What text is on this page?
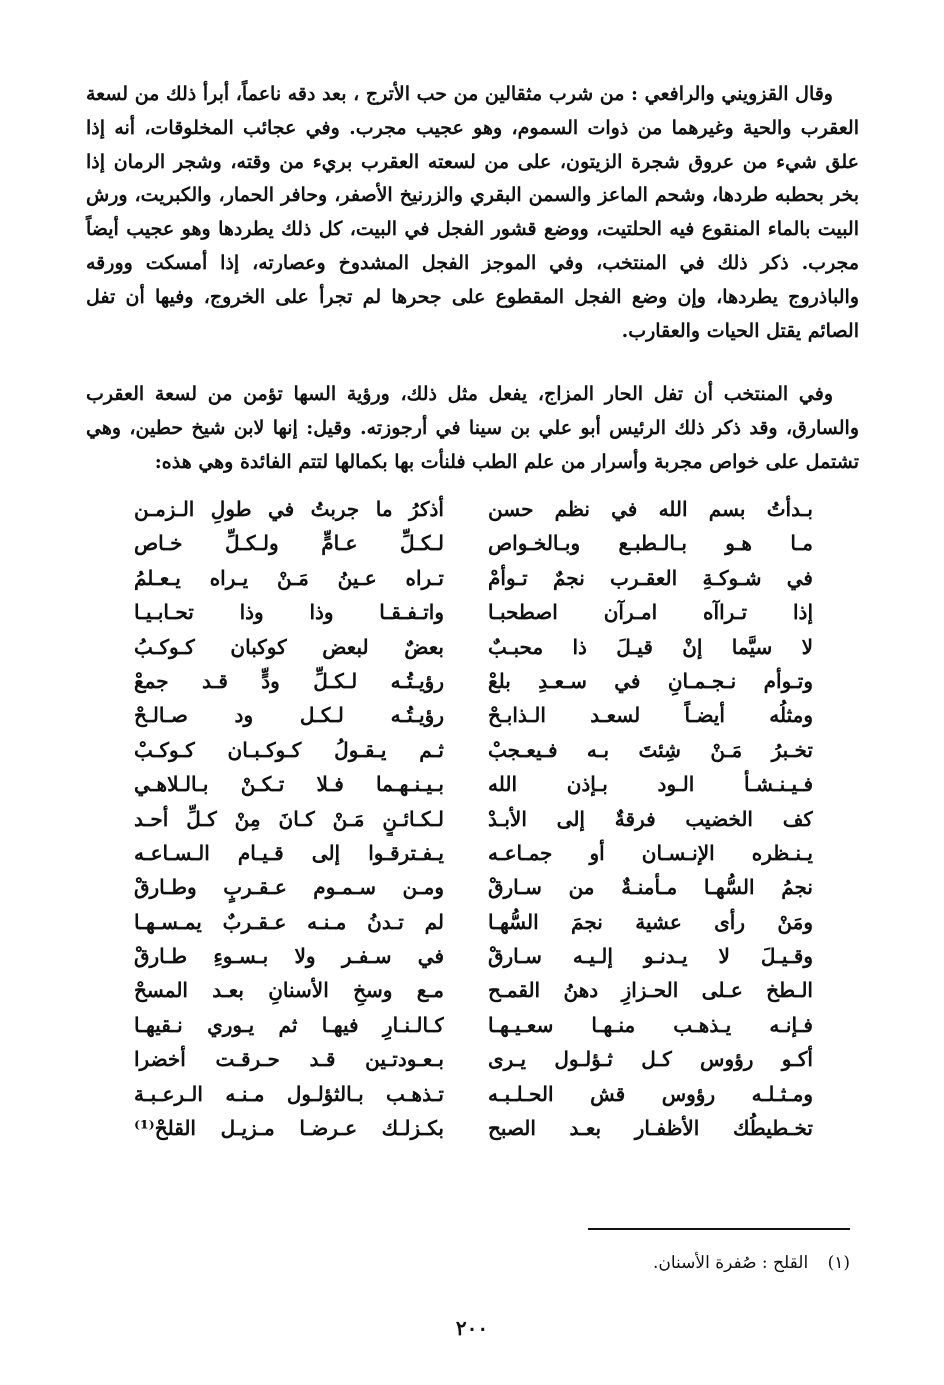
وقال القزويني والرافعي : من شرب مثقالين من حب الأترج ، بعد دقه ناعماً، أبرأ ذلك من لسعة العقرب والحية وغيرهما من ذوات السموم، وهو عجيب مجرب. وفي عجائب المخلوقات، أنه إذا علق شيء من عروق شجرة الزيتون، على من لسعته العقرب بريء من وقته، وشجر الرمان إذا بخر بحطبه طردها، وشحم الماعز والسمن البقري والزرنيخ الأصفر، وحافر الحمار، والكبريت، ورش البيت بالماء المنقوع فيه الحلتيت، ووضع قشور الفجل في البيت، كل ذلك يطردها وهو عجيب أيضاً مجرب. ذكر ذلك في المنتخب، وفي الموجز الفجل المشدوخ وعصارته، إذا أمسكت وورقه والباذروج يطردها، وإن وضع الفجل المقطوع على جحرها لم تجرأ على الخروج، وفيها أن تفل الصائم يقتل الحيات والعقارب.

وفي المنتخب أن تفل الحار المزاج، يفعل مثل ذلك، ورؤية السها تؤمن من لسعة العقرب والسارق، وقد ذكر ذلك الرئيس أبو علي بن سينا في أرجوزته. وقيل: إنها لابن شيخ حطين، وهي تشتمل على خواص مجربة وأسرار من علم الطب فلنأت بها بكمالها لتتم الفائدة وهي هذه:

بـدأتُ بسم الله في نظم حسن
مـا هـو بـالـطبـع وبـالخـواص
في شـوكـةِ العقـرب نجمٌ تـوأمْ
إذا تـراآه امـرآن اصطحبـا
لا سيَّما إنْ قيـلَ ذا محبـبٌ
وتـوأم نـجـمـانِ في سـعـدِ بلعْ
ومثلُه أيضـاً لسعـد الـذابـحْ
تخـبرُ مَـنْ شِئتَ بـه فـيعـجبْ
فـيـنـشـأ الـود بـإذن الله
كف الخضيب فرقةٌ إلى الأبـدْ
يـنـظره الإنـسـان أو جمـاعـه
نجمُ السُّهـا مـأمنـةٌ من سـارقْ
ومَنْ رأى عشية نجمَ السُّهـا
وقـيـلَ لا يـدنـو إلـيـه سـارقْ
الـطخ عـلى الحـزازِ دهنُ القمـح
فـإنـه يـذهـب منـهـا سعـيـهـا
أكـو رؤوس كـل ثـؤلـول يـرى
ومـثـلـه رؤوس قش الحـلـبـه
تخـطيطُك الأظفـار بعـد الصبح
أذكرُ ما جربتُ في طولِ الـزمـن
لـكـلِّ عـامٍّ ولـكـلِّ خـاص
تـراه عـينُ مَـنْ يـراه يـعـلمُ
واتـفـقـا وذا وذا تحـابـيـا
بعضٌ لبعض كوكبان كـوكـبُ
رؤيـتُـه لـكـلِّ ودٍّ قـد جمعْ
رؤيـتُـه لـكـل ود صـالـحْ
ثـم يـقـولُ كـوكـبـان كـوكـبْ
بـيـنـهـما فـلا تـكـنْ بـالـلاهـي
لـكـائـنٍ مَـنْ كـانَ مِنْ كـلِّ أحـد
يـفـترقـوا إلى قـيـام الـسـاعـه
ومـن سـمـوم عـقـربٍ وطـارقْ
لم تـدنُ مـنـه عـقـربٌ يمـسـهـا
في سـفـر ولا بـسـوءِ طـارقْ
مـع وسخِ الأسنانِ بعـد المسحْ
كـالـنـارِ فيهـا ثم يـوري نـقيهـا
بـعـودتـين قـد حـرقـت أخضرا
تـذهـب بـالثؤلـول مـنـه الـرعـبـة
بكـزلـك عـرضـا مـزيـل القلحْ⁽¹⁾
(١) القلح : صُفرة الأسنان.
٢٠٠
